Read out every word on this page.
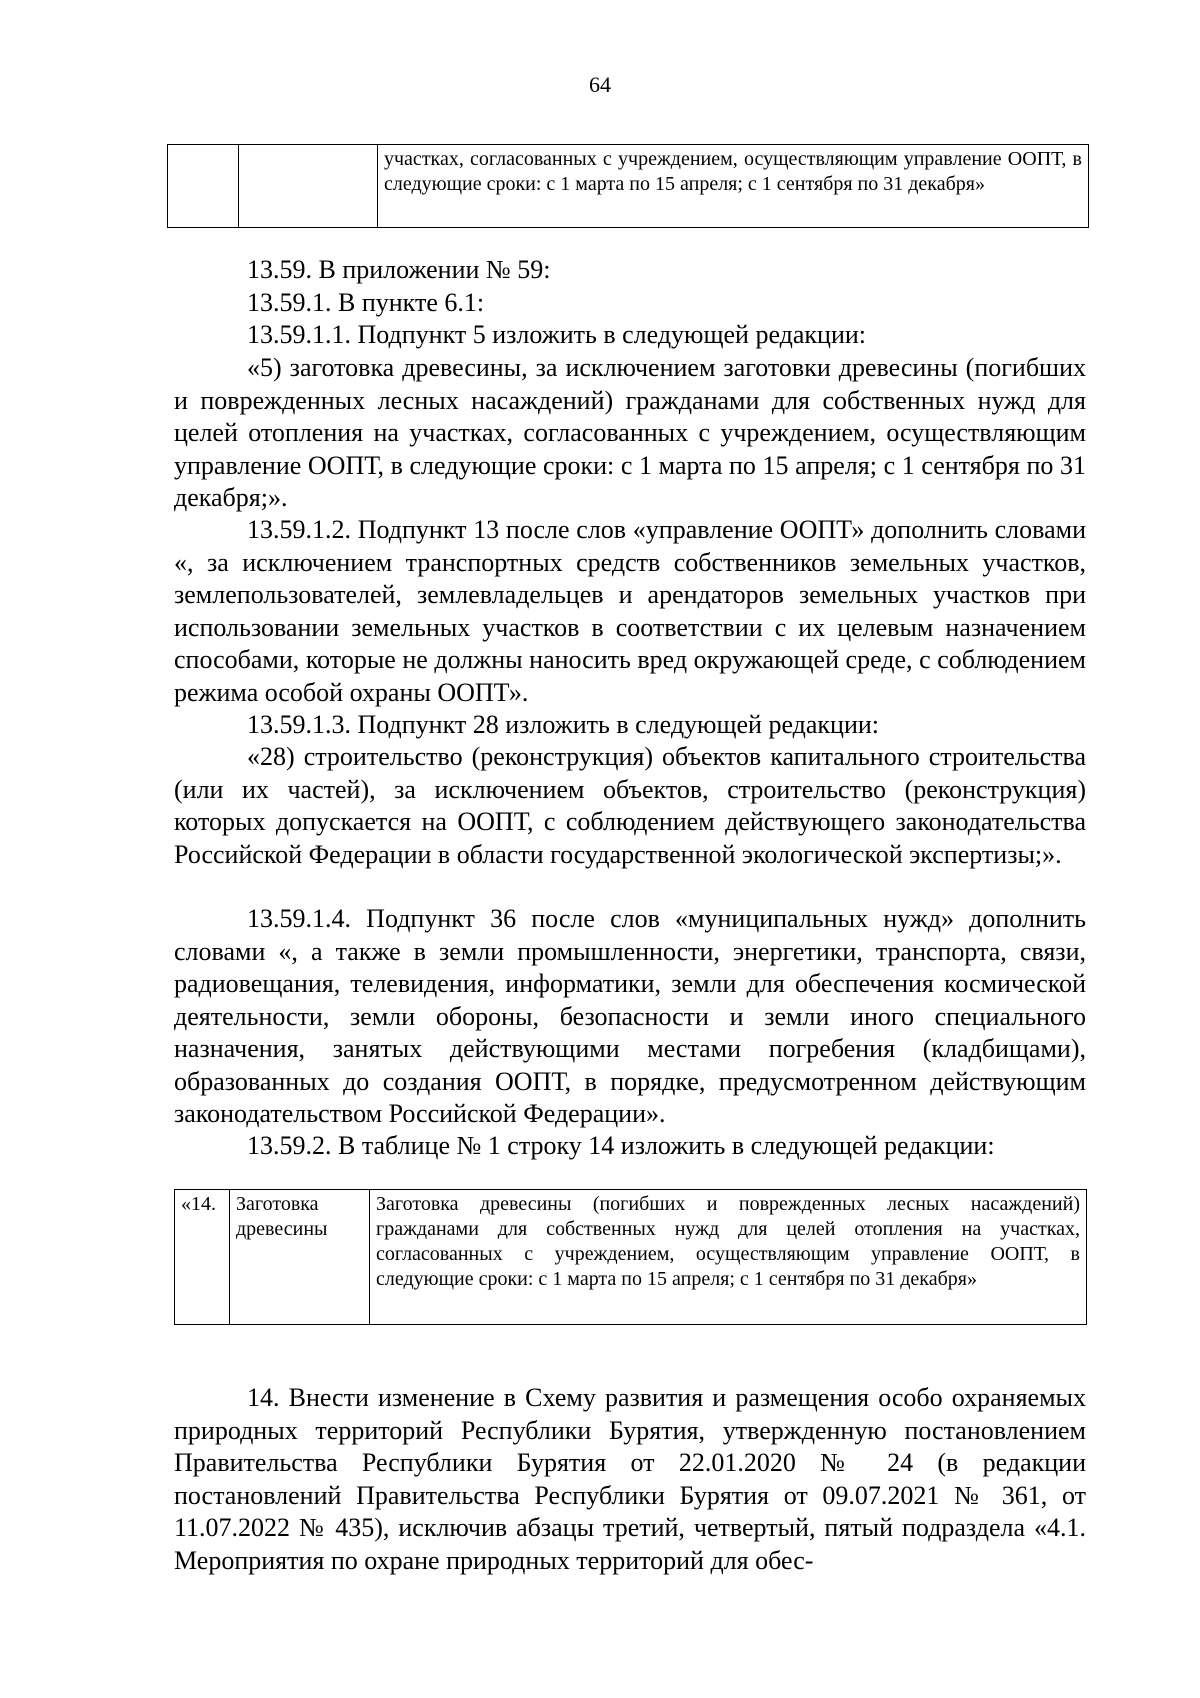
64
		участках, согласованных с учреждением, осуществляющим управление ООПТ, в следующие сроки: с 1 марта по 15 апреля; с 1 сентября по 31 декабря»

13.59. В приложении № 59:

13.59.1. В пункте 6.1:

13.59.1.1. Подпункт 5 изложить в следующей редакции:

«5) заготовка древесины, за исключением заготовки древесины (погибших и поврежденных лесных насаждений) гражданами для собственных нужд для целей отопления на участках, согласованных с учреждением, осуществляющим управление ООПТ, в следующие сроки: с 1 марта по 15 апреля; с 1 сентября по 31 декабря;».

13.59.1.2. Подпункт 13 после слов «управление ООПТ» дополнить словами «, за исключением транспортных средств собственников земельных участков, землепользователей, землевладельцев и арендаторов земельных участков при использовании земельных участков в соответствии с их целевым назначением способами, которые не должны наносить вред окружающей среде, с соблюдением режима особой охраны ООПТ».

13.59.1.3. Подпункт 28 изложить в следующей редакции:

«28) строительство (реконструкция) объектов капитального строительства (или их частей), за исключением объектов, строительство (реконструкция) которых допускается на ООПТ, с соблюдением действующего законодательства Российской Федерации в области государственной экологической экспертизы;».

13.59.1.4. Подпункт 36 после слов «муниципальных нужд» дополнить словами «, а также в земли промышленности, энергетики, транспорта, связи, радиовещания, телевидения, информатики, земли для обеспечения космической деятельности, земли обороны, безопасности и земли иного специального назначения, занятых действующими местами погребения (кладбищами), образованных до создания ООПТ, в порядке, предусмотренном действующим законодательством Российской Федерации».

13.59.2. В таблице № 1 строку 14 изложить в следующей редакции:

«14.	Заготовка древесины	Заготовка древесины (погибших и поврежденных лесных насаждений) гражданами для собственных нужд для целей отопления на участках, согласованных с учреждением, осуществляющим управление ООПТ, в следующие сроки: с 1 марта по 15 апреля; с 1 сентября по 31 декабря»

14. Внести изменение в Схему развития и размещения особо охраняемых природных территорий Республики Бурятия, утвержденную постановлением Правительства Республики Бурятия от 22.01.2020 № 24 (в редакции постановлений Правительства Республики Бурятия от 09.07.2021 № 361, от 11.07.2022 № 435), исключив абзацы третий, четвертый, пятый подраздела «4.1. Мероприятия по охране природных территорий для обес-
